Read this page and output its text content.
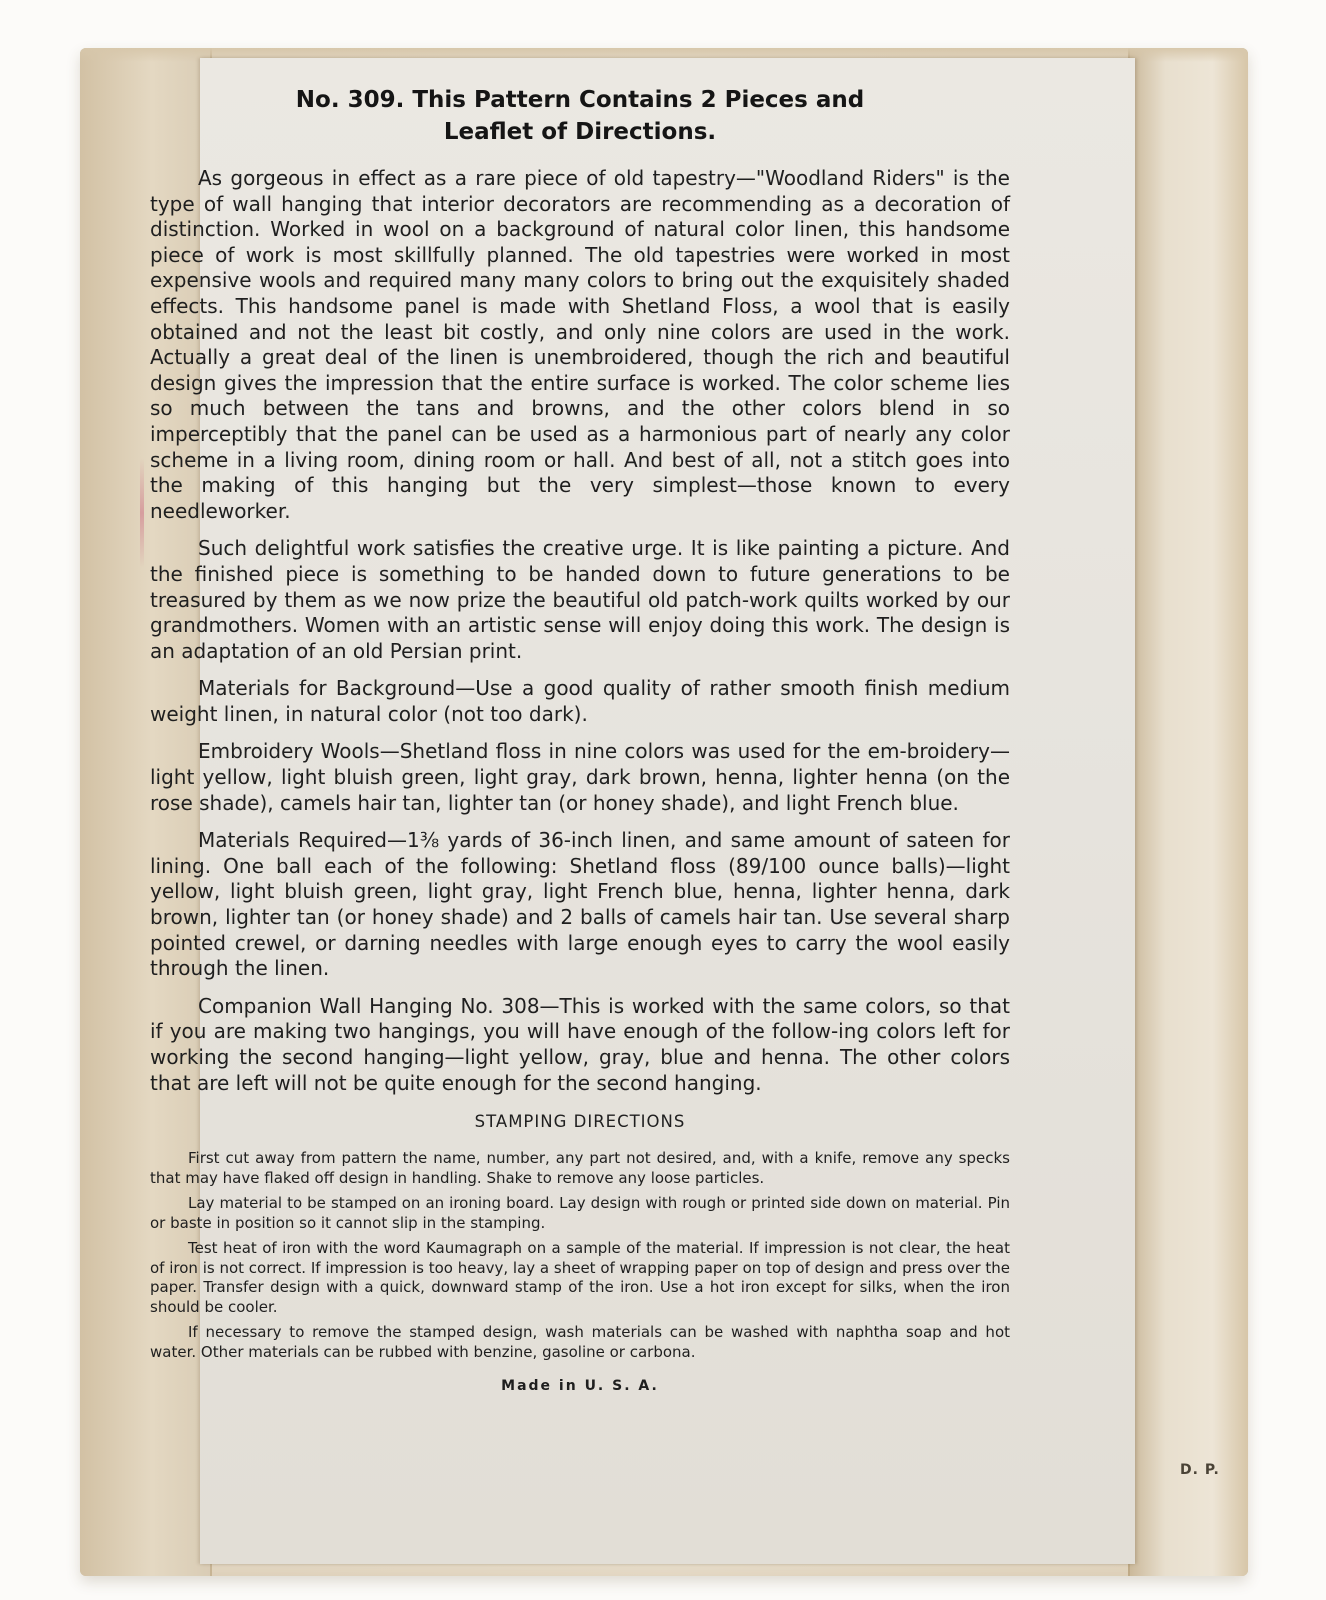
No. 309. This Pattern Contains 2 Pieces and
Leaflet of Directions.

As gorgeous in effect as a rare piece of old tapestry—"Woodland Riders" is the type of wall hanging that interior decorators are recommending as a decoration of distinction. Worked in wool on a background of natural color linen, this handsome piece of work is most skillfully planned. The old tapestries were worked in most expensive wools and required many many colors to bring out the exquisitely shaded effects. This handsome panel is made with Shetland Floss, a wool that is easily obtained and not the least bit costly, and only nine colors are used in the work. Actually a great deal of the linen is unembroidered, though the rich and beautiful design gives the impression that the entire surface is worked. The color scheme lies so much between the tans and browns, and the other colors blend in so imperceptibly that the panel can be used as a harmonious part of nearly any color scheme in a living room, dining room or hall. And best of all, not a stitch goes into the making of this hanging but the very simplest—those known to every needleworker.

Such delightful work satisfies the creative urge. It is like painting a picture. And the finished piece is something to be handed down to future generations to be treasured by them as we now prize the beautiful old patch-work quilts worked by our grandmothers. Women with an artistic sense will enjoy doing this work. The design is an adaptation of an old Persian print.

Materials for Background—Use a good quality of rather smooth finish medium weight linen, in natural color (not too dark).

Embroidery Wools—Shetland floss in nine colors was used for the em-broidery—light yellow, light bluish green, light gray, dark brown, henna, lighter henna (on the rose shade), camels hair tan, lighter tan (or honey shade), and light French blue.

Materials Required—1⅜ yards of 36-inch linen, and same amount of sateen for lining. One ball each of the following: Shetland floss (89/100 ounce balls)—light yellow, light bluish green, light gray, light French blue, henna, lighter henna, dark brown, lighter tan (or honey shade) and 2 balls of camels hair tan. Use several sharp pointed crewel, or darning needles with large enough eyes to carry the wool easily through the linen.

Companion Wall Hanging No. 308—This is worked with the same colors, so that if you are making two hangings, you will have enough of the follow-ing colors left for working the second hanging—light yellow, gray, blue and henna. The other colors that are left will not be quite enough for the second hanging.

STAMPING DIRECTIONS

First cut away from pattern the name, number, any part not desired, and, with a knife, remove any specks that may have flaked off design in handling. Shake to remove any loose particles.

Lay material to be stamped on an ironing board. Lay design with rough or printed side down on material. Pin or baste in position so it cannot slip in the stamping.

Test heat of iron with the word Kaumagraph on a sample of the material. If impression is not clear, the heat of iron is not correct. If impression is too heavy, lay a sheet of wrapping paper on top of design and press over the paper. Transfer design with a quick, downward stamp of the iron. Use a hot iron except for silks, when the iron should be cooler.

If necessary to remove the stamped design, wash materials can be washed with naphtha soap and hot water. Other materials can be rubbed with benzine, gasoline or carbona.

Made in U. S. A.
D. P.
